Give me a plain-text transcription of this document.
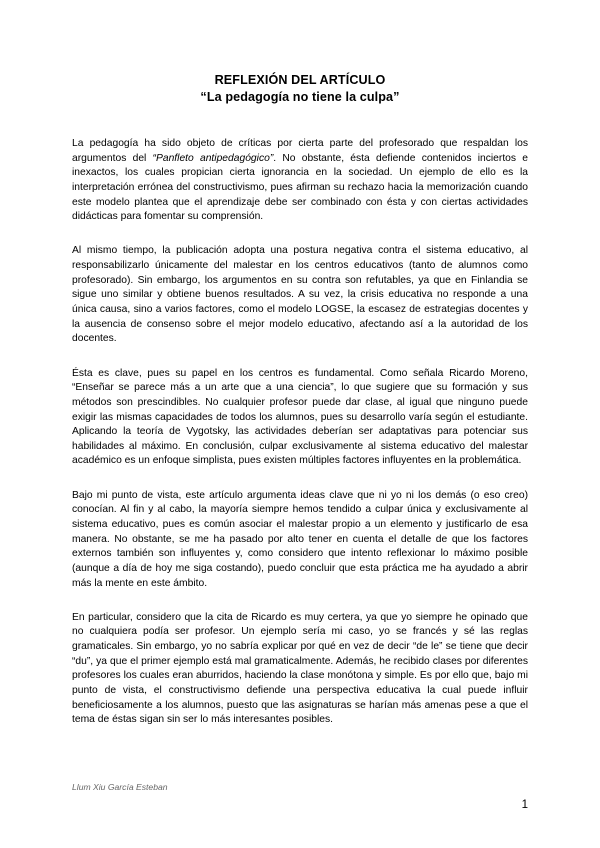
REFLEXIÓN DEL ARTÍCULO
“La pedagogía no tiene la culpa”

La pedagogía ha sido objeto de críticas por cierta parte del profesorado que respaldan los argumentos del “Panfleto antipedagógico”. No obstante, ésta defiende contenidos inciertos e inexactos, los cuales propician cierta ignorancia en la sociedad. Un ejemplo de ello es la interpretación errónea del constructivismo, pues afirman su rechazo hacia la memorización cuando este modelo plantea que el aprendizaje debe ser combinado con ésta y con ciertas actividades didácticas para fomentar su comprensión.

Al mismo tiempo, la publicación adopta una postura negativa contra el sistema educativo, al responsabilizarlo únicamente del malestar en los centros educativos (tanto de alumnos como profesorado). Sin embargo, los argumentos en su contra son refutables, ya que en Finlandia se sigue uno similar y obtiene buenos resultados. A su vez, la crisis educativa no responde a una única causa, sino a varios factores, como el modelo LOGSE, la escasez de estrategias docentes y la ausencia de consenso sobre el mejor modelo educativo, afectando así a la autoridad de los docentes.

Ésta es clave, pues su papel en los centros es fundamental. Como señala Ricardo Moreno, “Enseñar se parece más a un arte que a una ciencia”, lo que sugiere que su formación y sus métodos son prescindibles. No cualquier profesor puede dar clase, al igual que ninguno puede exigir las mismas capacidades de todos los alumnos, pues su desarrollo varía según el estudiante. Aplicando la teoría de Vygotsky, las actividades deberían ser adaptativas para potenciar sus habilidades al máximo. En conclusión, culpar exclusivamente al sistema educativo del malestar académico es un enfoque simplista, pues existen múltiples factores influyentes en la problemática.

Bajo mi punto de vista, este artículo argumenta ideas clave que ni yo ni los demás (o eso creo) conocían. Al fin y al cabo, la mayoría siempre hemos tendido a culpar única y exclusivamente al sistema educativo, pues es común asociar el malestar propio a un elemento y justificarlo de esa manera. No obstante, se me ha pasado por alto tener en cuenta el detalle de que los factores externos también son influyentes y, como considero que intento reflexionar lo máximo posible (aunque a día de hoy me siga costando), puedo concluir que esta práctica me ha ayudado a abrir más la mente en este ámbito.

En particular, considero que la cita de Ricardo es muy certera, ya que yo siempre he opinado que no cualquiera podía ser profesor. Un ejemplo sería mi caso, yo se francés y sé las reglas gramaticales. Sin embargo, yo no sabría explicar por qué en vez de decir “de le” se tiene que decir “du”, ya que el primer ejemplo está mal gramaticalmente. Además, he recibido clases por diferentes profesores los cuales eran aburridos, haciendo la clase monótona y simple. Es por ello que, bajo mi punto de vista, el constructivismo defiende una perspectiva educativa la cual puede influir beneficiosamente a los alumnos, puesto que las asignaturas se harían más amenas pese a que el tema de éstas sigan sin ser lo más interesantes posibles.

Llum Xiu García Esteban
1
